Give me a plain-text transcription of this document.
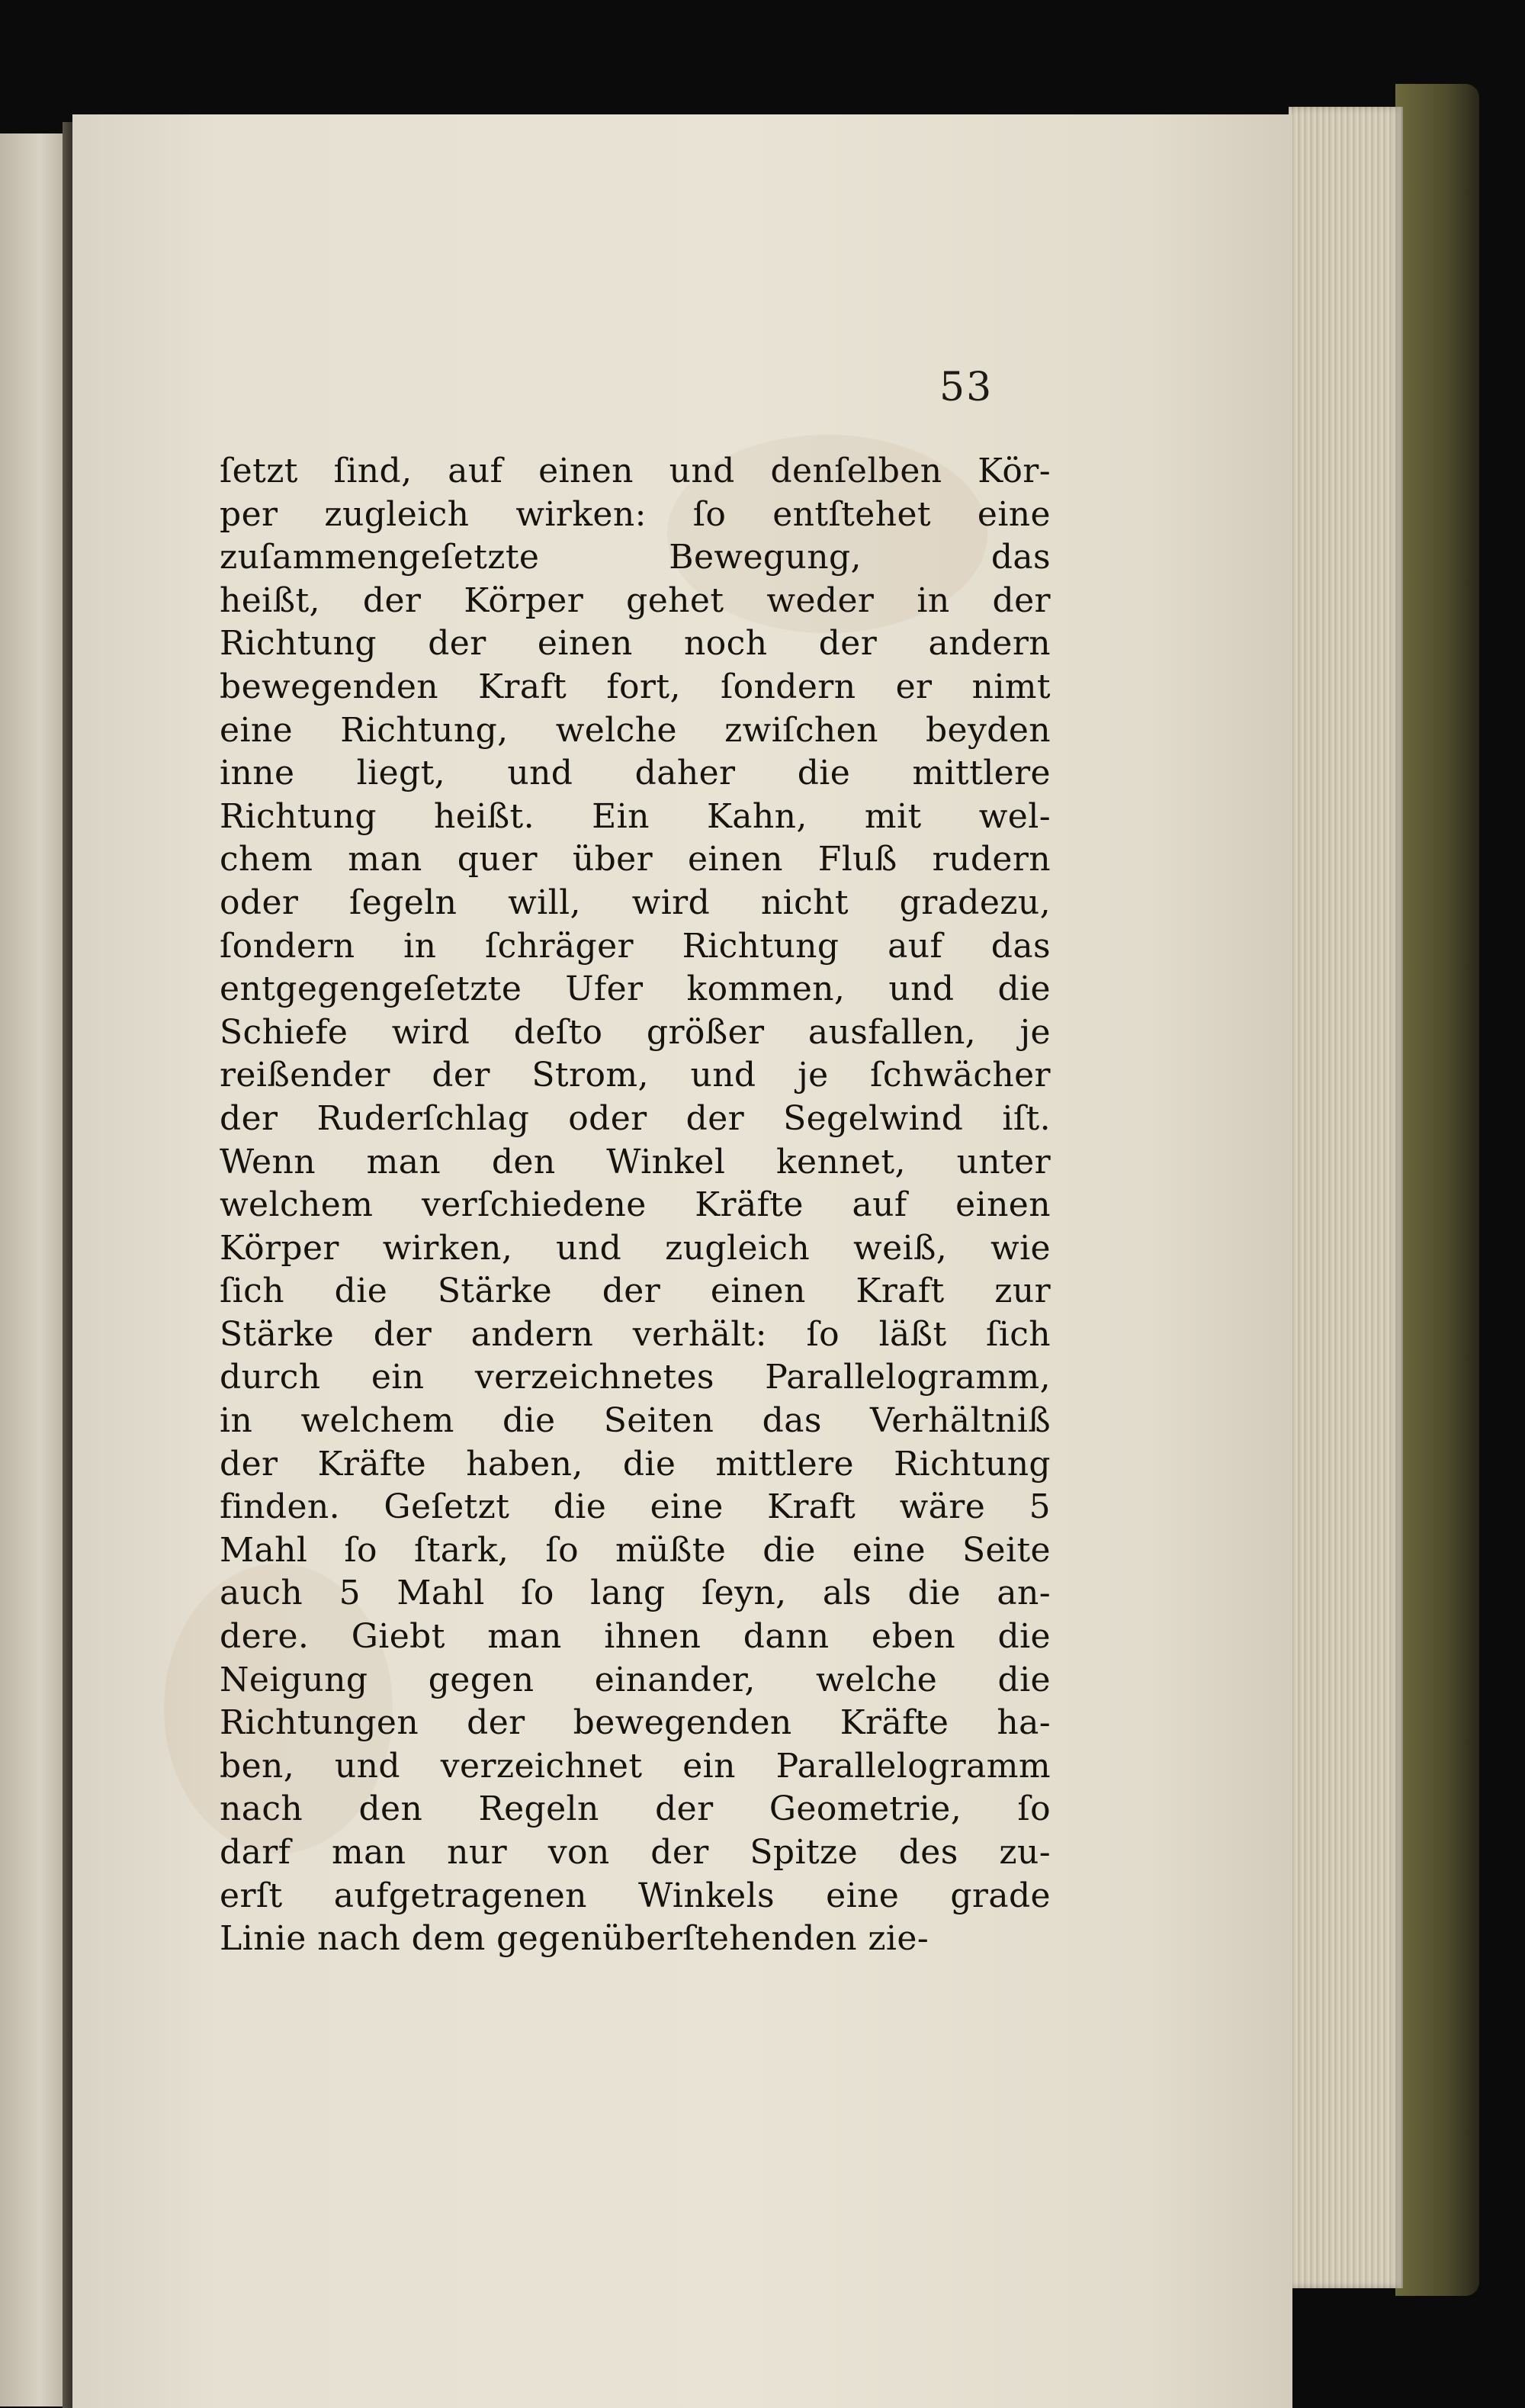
53
ſetzt ſind, auf einen und denſelben Kör-
per zugleich wirken: ſo entſtehet eine
zuſammengeſetzte Bewegung, das
heißt, der Körper gehet weder in der
Richtung der einen noch der andern
bewegenden Kraft fort, ſondern er nimt
eine Richtung, welche zwiſchen beyden
inne liegt, und daher die mittlere
Richtung heißt. Ein Kahn, mit wel-
chem man quer über einen Fluß rudern
oder ſegeln will, wird nicht gradezu,
ſondern in ſchräger Richtung auf das
entgegengeſetzte Ufer kommen, und die
Schiefe wird deſto größer ausfallen, je
reißender der Strom, und je ſchwächer
der Ruderſchlag oder der Segelwind iſt.
Wenn man den Winkel kennet, unter
welchem verſchiedene Kräfte auf einen
Körper wirken, und zugleich weiß, wie
ſich die Stärke der einen Kraft zur
Stärke der andern verhält: ſo läßt ſich
durch ein verzeichnetes Parallelogramm,
in welchem die Seiten das Verhältniß
der Kräfte haben, die mittlere Richtung
finden. Geſetzt die eine Kraft wäre 5
Mahl ſo ſtark, ſo müßte die eine Seite
auch 5 Mahl ſo lang ſeyn, als die an-
dere. Giebt man ihnen dann eben die
Neigung gegen einander, welche die
Richtungen der bewegenden Kräfte ha-
ben, und verzeichnet ein Parallelogramm
nach den Regeln der Geometrie, ſo
darf man nur von der Spitze des zu-
erſt aufgetragenen Winkels eine grade
Linie nach dem gegenüberſtehenden zie-
